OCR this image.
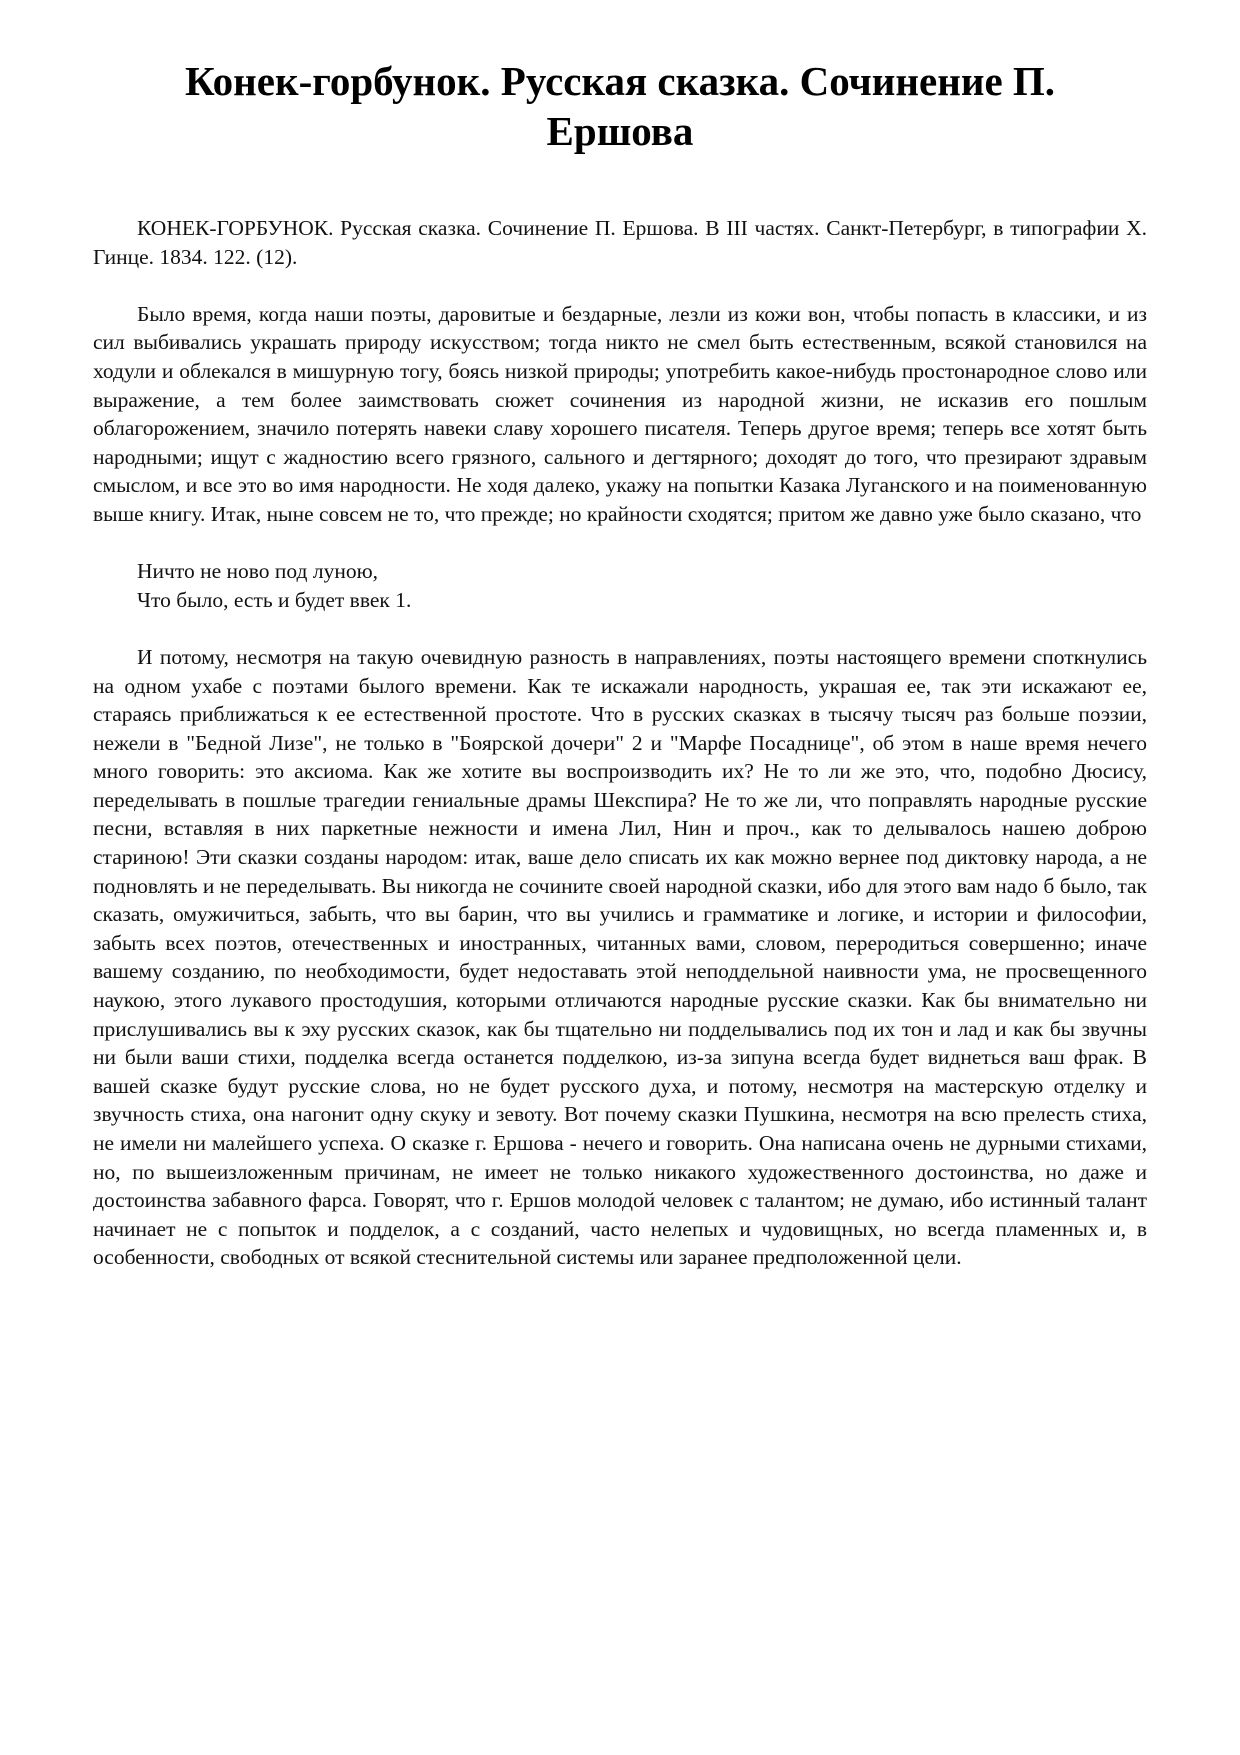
Конек-горбунок. Русская сказка. Сочинение П.
Ершова

КОНЕК-ГОРБУНОК. Русская сказка. Сочинение П. Ершова. В III частях. Санкт-Петербург, в типографии X. Гинце. 1834. 122. (12).

Было время, когда наши поэты, даровитые и бездарные, лезли из кожи вон, чтобы попасть в классики, и из сил выбивались украшать природу искусством; тогда никто не смел быть естественным, всякой становился на ходули и облекался в мишурную тогу, боясь низкой природы; употребить какое-нибудь простонародное слово или выражение, а тем более заимствовать сюжет сочинения из народной жизни, не исказив его пошлым облагорожением, значило потерять навеки славу хорошего писателя. Теперь другое время; теперь все хотят быть народными; ищут с жадностию всего грязного, сального и дегтярного; доходят до того, что презирают здравым смыслом, и все это во имя народности. Не ходя далеко, укажу на попытки Казака Луганского и на поименованную выше книгу. Итак, ныне совсем не то, что прежде; но крайности сходятся; притом же давно уже было сказано, что

Ничто не ново под луною,
Что было, есть и будет ввек 1.

И потому, несмотря на такую очевидную разность в направлениях, поэты настоящего времени споткнулись на одном ухабе с поэтами былого времени. Как те искажали народность, украшая ее, так эти искажают ее, стараясь приближаться к ее естественной простоте. Что в русских сказках в тысячу тысяч раз больше поэзии, нежели в "Бедной Лизе", не только в "Боярской дочери" 2 и "Марфе Посаднице", об этом в наше время нечего много говорить: это аксиома. Как же хотите вы воспроизводить их? Не то ли же это, что, подобно Дюсису, переделывать в пошлые трагедии гениальные драмы Шекспира? Не то же ли, что поправлять народные русские песни, вставляя в них паркетные нежности и имена Лил, Нин и проч., как то делывалось нашею доброю стариною! Эти сказки созданы народом: итак, ваше дело списать их как можно вернее под диктовку народа, а не подновлять и не переделывать. Вы никогда не сочините своей народной сказки, ибо для этого вам надо б было, так сказать, омужичиться, забыть, что вы барин, что вы учились и грамматике и логике, и истории и философии, забыть всех поэтов, отечественных и иностранных, читанных вами, словом, переродиться совершенно; иначе вашему созданию, по необходимости, будет недоставать этой неподдельной наивности ума, не просвещенного наукою, этого лукавого простодушия, которыми отличаются народные русские сказки. Как бы внимательно ни прислушивались вы к эху русских сказок, как бы тщательно ни подделывались под их тон и лад и как бы звучны ни были ваши стихи, подделка всегда останется подделкою, из-за зипуна всегда будет виднеться ваш фрак. В вашей сказке будут русские слова, но не будет русского духа, и потому, несмотря на мастерскую отделку и звучность стиха, она нагонит одну скуку и зевоту. Вот почему сказки Пушкина, несмотря на всю прелесть стиха, не имели ни малейшего успеха. О сказке г. Ершова - нечего и говорить. Она написана очень не дурными стихами, но, по вышеизложенным причинам, не имеет не только никакого художественного достоинства, но даже и достоинства забавного фарса. Говорят, что г. Ершов молодой человек с талантом; не думаю, ибо истинный талант начинает не с попыток и подделок, а с созданий, часто нелепых и чудовищных, но всегда пламенных и, в особенности, свободных от всякой стеснительной системы или заранее предположенной цели.
